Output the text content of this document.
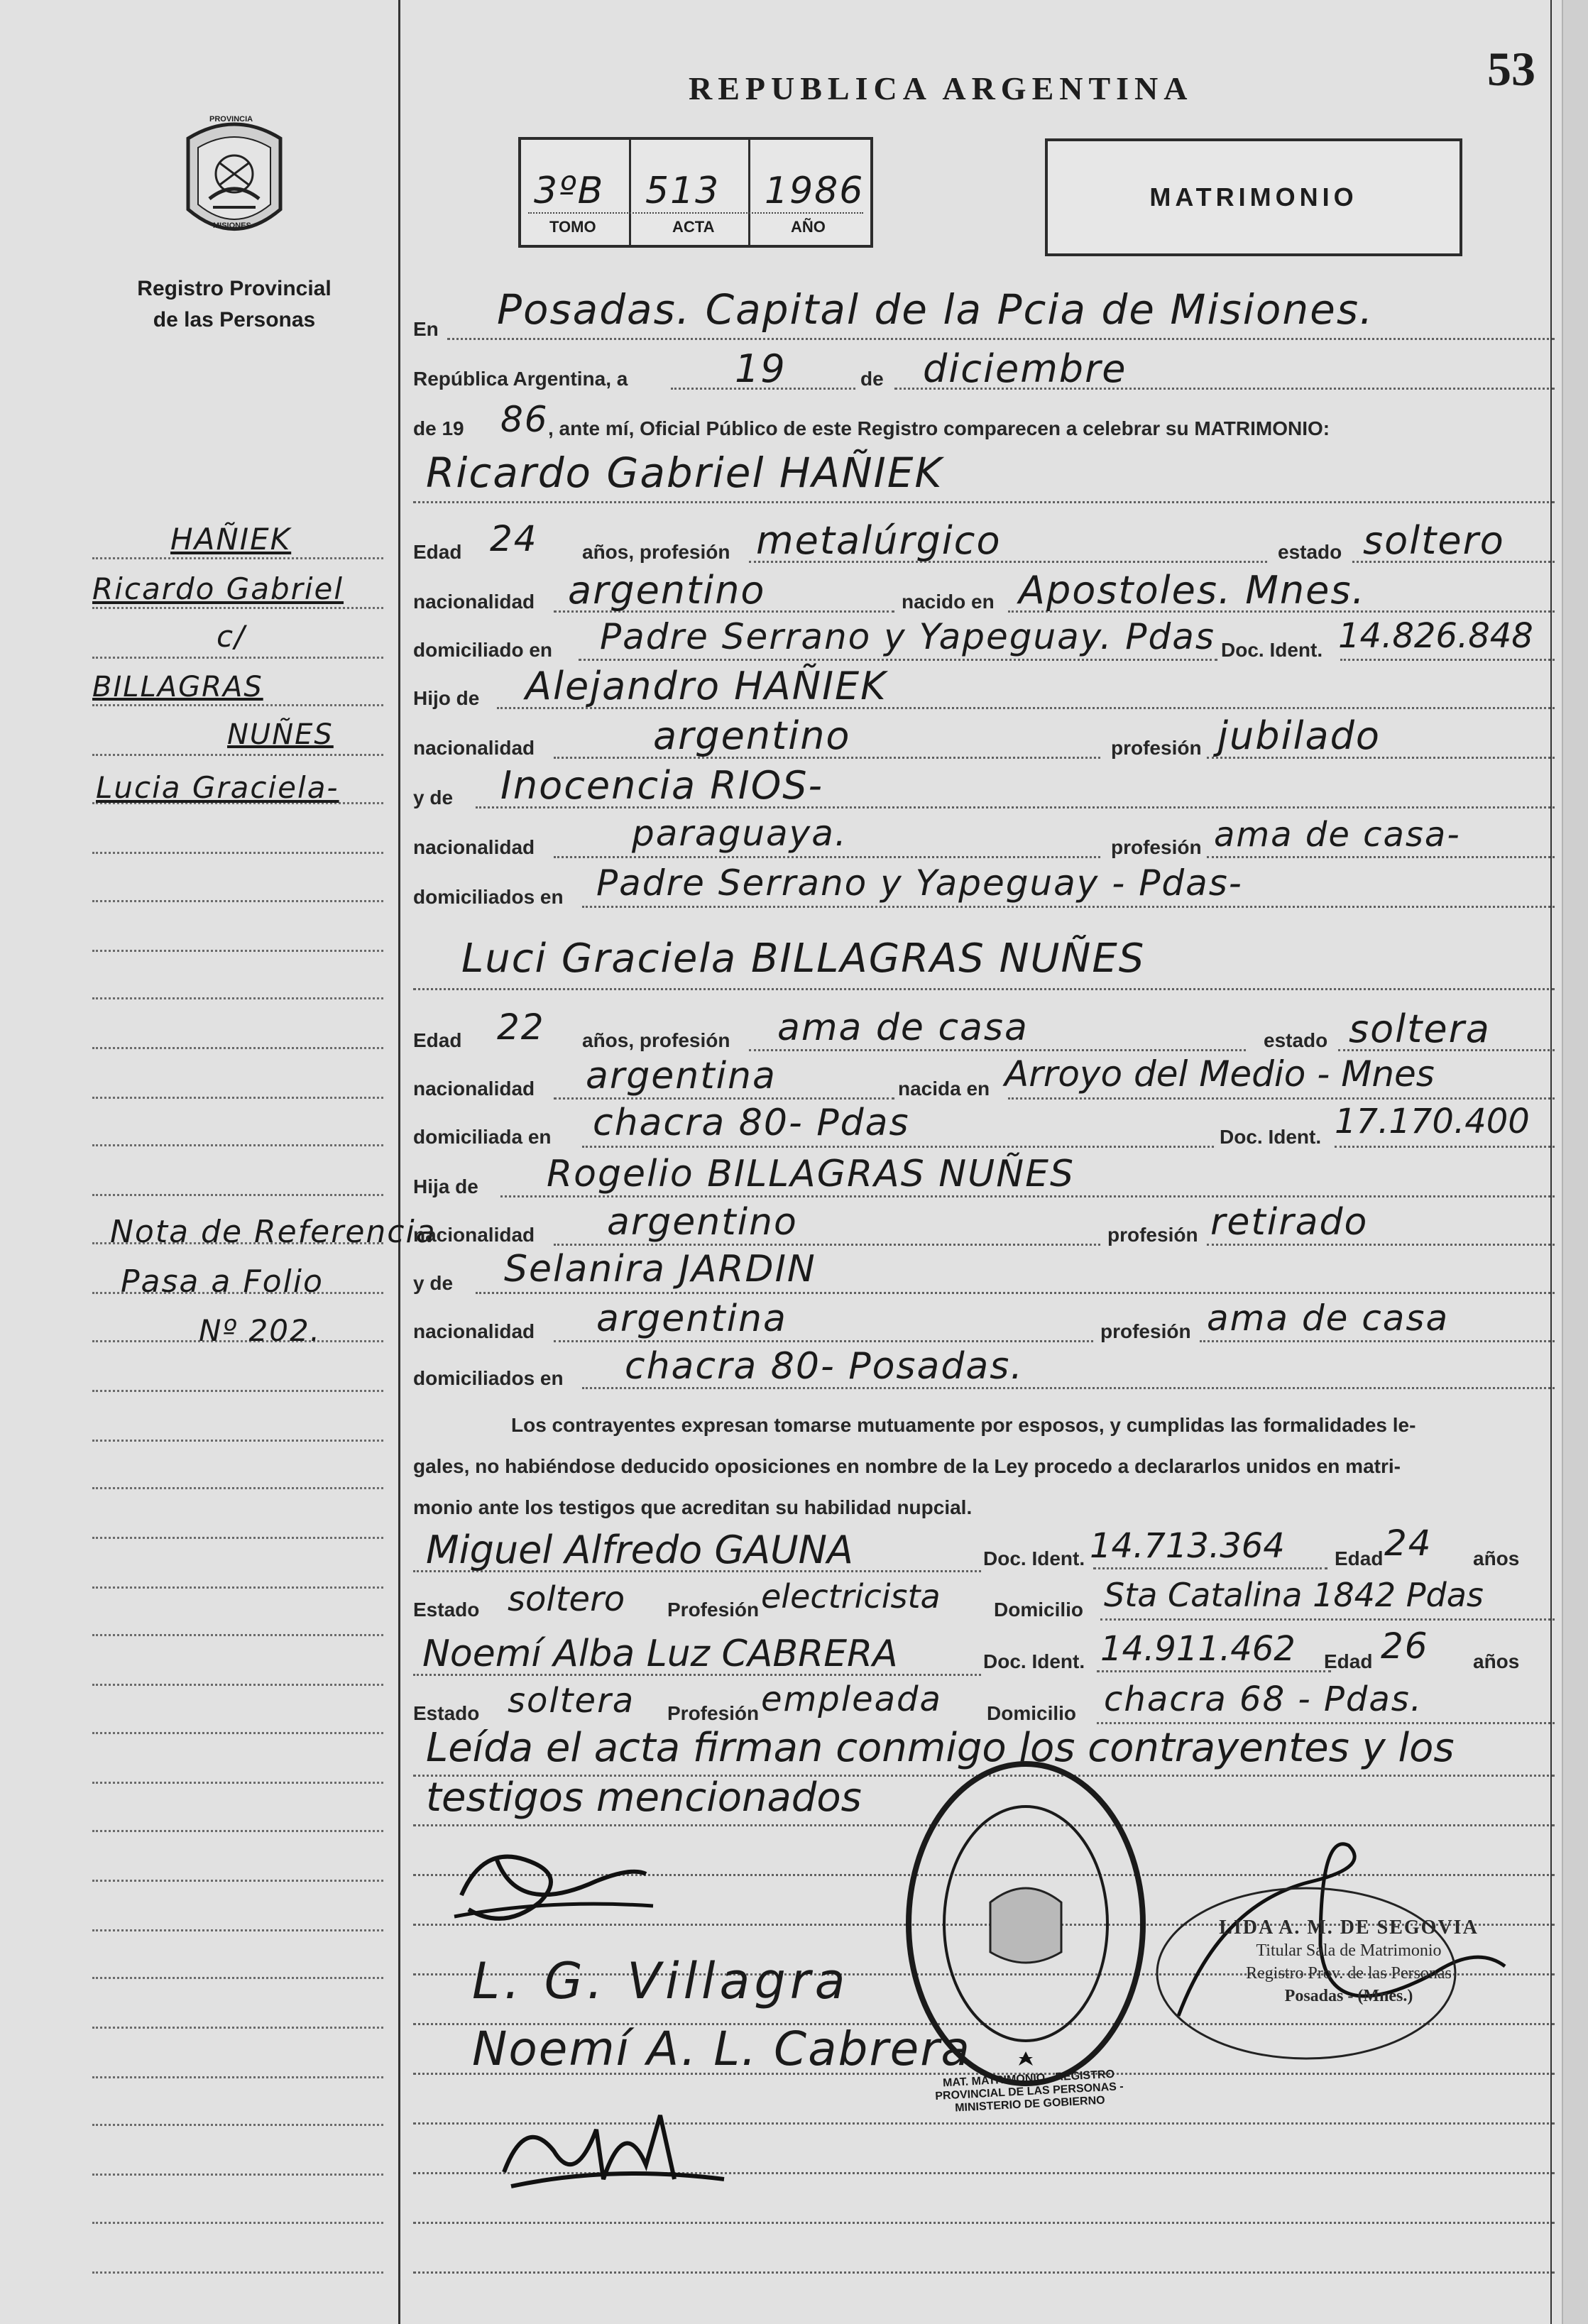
REPUBLICA ARGENTINA	53
PROVINCIA
MISIONES
Registro Provincial
de las Personas
3ºB 513 1986
TOMO	ACTA	AÑO
MATRIMONIO
HAÑIEK
Ricardo Gabriel
c/
BILLAGRAS
NUÑES
Lucia Graciela-
Nota de Referencia
Pasa a Folio
Nº 202.
En Posadas. Capital de la Pcia de Misiones.
República Argentina, a	19	de diciembre
de 19 86 , ante mí, Oficial Público de este Registro comparecen a celebrar su MATRIMONIO:
Ricardo Gabriel HAÑIEK
Edad 24 años, profesión metalúrgico	estado soltero
nacionalidad argentino	nacido en Apostoles. Mnes.
domiciliado en Padre Serrano y Yapeguay. Pdas Doc. Ident. 14.826.848
Hijo de Alejandro HAÑIEK
nacionalidad	argentino	profesión jubilado
y de Inocencia RIOS-
nacionalidad	paraguaya.	profesión ama de casa-
domiciliados en Padre Serrano y Yapeguay - Pdas-
Luci Graciela BILLAGRAS NUÑES
Edad 22 años, profesión ama de casa	estado soltera
nacionalidad argentina	nacida en Arroyo del Medio - Mnes
domiciliada en chacra 80- Pdas	Doc. Ident. 17.170.400
Hija de Rogelio BILLAGRAS NUÑES
nacionalidad argentino	profesión retirado
y de Selanira JARDIN
nacionalidad argentina	profesión ama de casa
domiciliados en chacra 80- Posadas.
Los contrayentes expresan tomarse mutuamente por esposos, y cumplidas las formalidades le-
gales, no habiéndose deducido oposiciones en nombre de la Ley procedo a declararlos unidos en matri-
monio ante los testigos que acreditan su habilidad nupcial.
Miguel Alfredo GAUNA	Doc. Ident. 14.713.364	Edad 24 años
Estado soltero Profesión electricista	Domicilio Sta Catalina 1842 Pdas
Noemí Alba Luz CABRERA	Doc. Ident. 14.911.462 Edad 26 años
Estado soltera Profesión empleada Domicilio chacra 68 - Pdas.
Leída el acta firman conmigo los contrayentes y los
testigos mencionados
L. G. Villagra
Noemí A. L. Cabrera
MAT. MATRIMONIO - REGISTRO PROVINCIAL DE LAS PERSONAS - MINISTERIO DE GOBIERNO
LIDA A. M. DE SEGOVIA
Titular Sala de Matrimonio
Registro Prov. de las Personas
Posadas - (Mnes.)
